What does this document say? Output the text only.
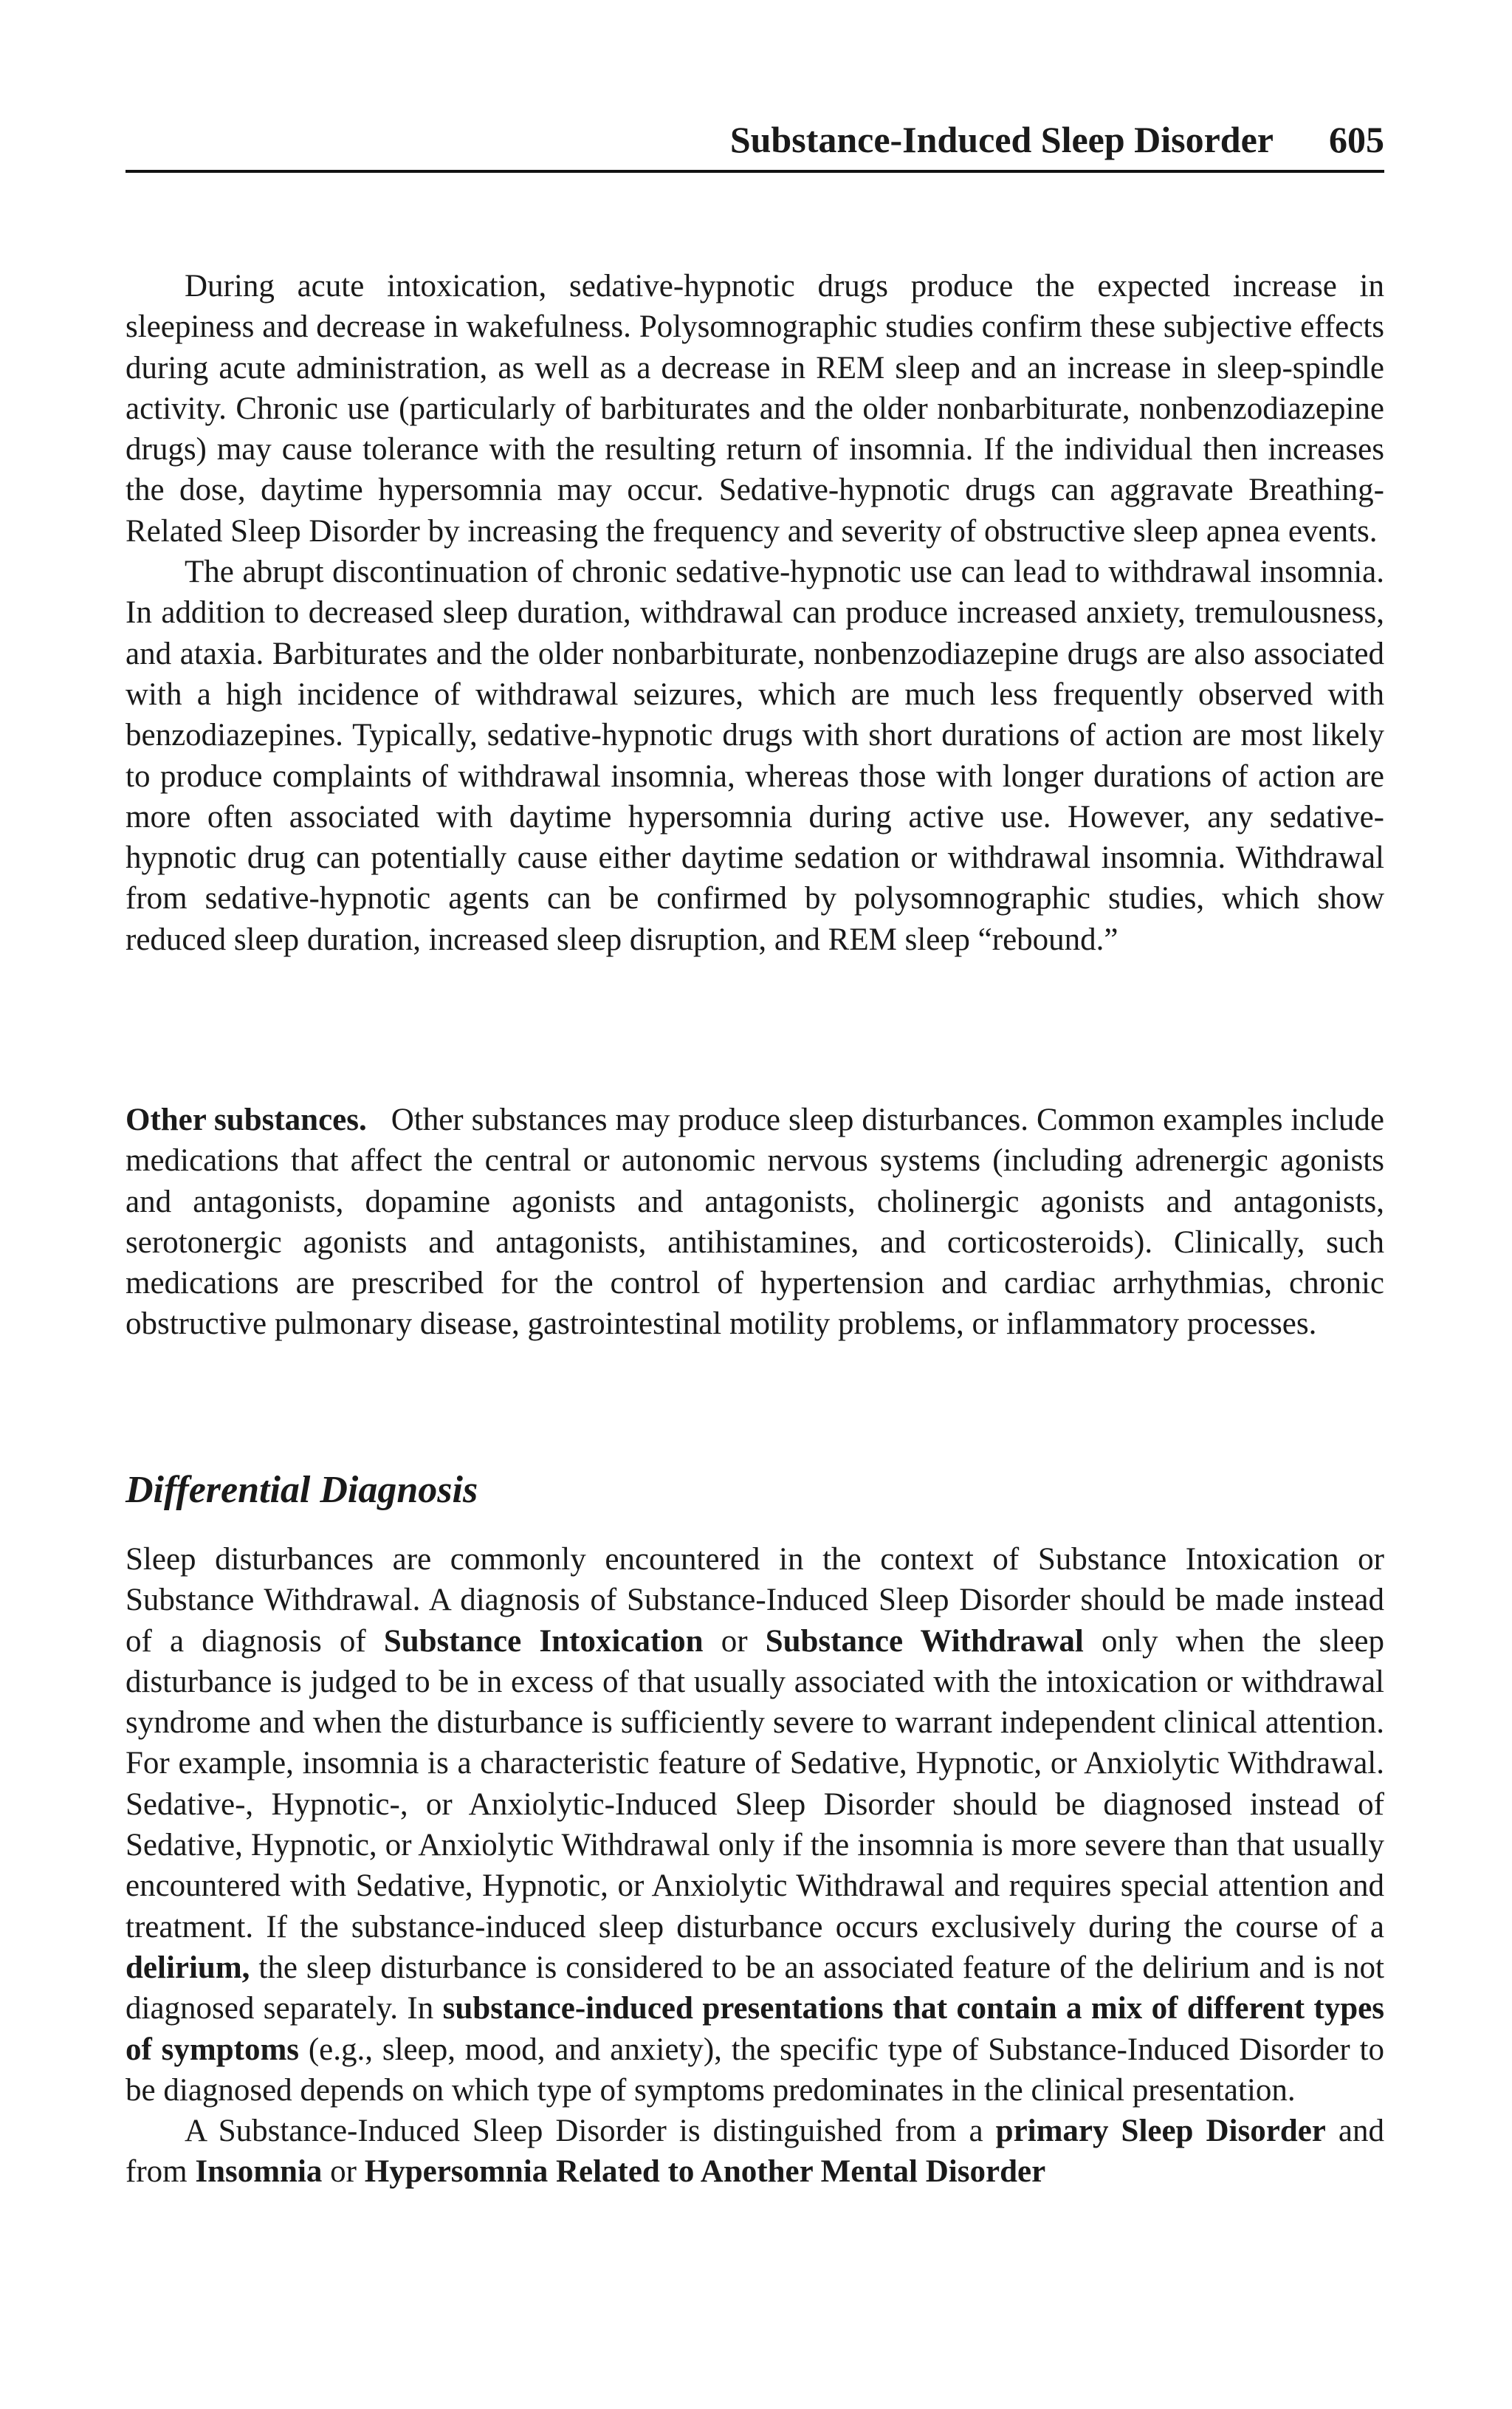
Substance-Induced Sleep Disorder 605

During acute intoxication, sedative-hypnotic drugs produce the expected increase in sleepiness and decrease in wakefulness. Polysomnographic studies confirm these subjective effects during acute administration, as well as a decrease in REM sleep and an increase in sleep-spindle activity. Chronic use (particularly of barbiturates and the older nonbarbiturate, nonbenzodiazepine drugs) may cause tolerance with the resulting return of insomnia. If the individual then increases the dose, daytime hypersomnia may occur. Sedative-hypnotic drugs can aggravate Breathing-Related Sleep Disorder by increasing the frequency and severity of obstructive sleep apnea events.

The abrupt discontinuation of chronic sedative-hypnotic use can lead to withdrawal insomnia. In addition to decreased sleep duration, withdrawal can produce increased anxiety, tremulousness, and ataxia. Barbiturates and the older nonbarbiturate, nonbenzodiazepine drugs are also associated with a high incidence of withdrawal seizures, which are much less frequently observed with benzodiazepines. Typically, sedative-hypnotic drugs with short durations of action are most likely to produce complaints of withdrawal insomnia, whereas those with longer durations of action are more often associated with daytime hypersomnia during active use. However, any sedative-hypnotic drug can potentially cause either daytime sedation or withdrawal insomnia. Withdrawal from sedative-hypnotic agents can be confirmed by polysomnographic studies, which show reduced sleep duration, increased sleep disruption, and REM sleep “rebound.”

Other substances. Other substances may produce sleep disturbances. Common examples include medications that affect the central or autonomic nervous systems (including adrenergic agonists and antagonists, dopamine agonists and antagonists, cholinergic agonists and antagonists, serotonergic agonists and antagonists, antihistamines, and corticosteroids). Clinically, such medications are prescribed for the control of hypertension and cardiac arrhythmias, chronic obstructive pulmonary disease, gastrointestinal motility problems, or inflammatory processes.

Differential Diagnosis

Sleep disturbances are commonly encountered in the context of Substance Intoxication or Substance Withdrawal. A diagnosis of Substance-Induced Sleep Disorder should be made instead of a diagnosis of Substance Intoxication or Substance Withdrawal only when the sleep disturbance is judged to be in excess of that usually associated with the intoxication or withdrawal syndrome and when the disturbance is sufficiently severe to warrant independent clinical attention. For example, insomnia is a characteristic feature of Sedative, Hypnotic, or Anxiolytic Withdrawal. Sedative-, Hypnotic-, or Anxiolytic-Induced Sleep Disorder should be diagnosed instead of Sedative, Hypnotic, or Anxiolytic Withdrawal only if the insomnia is more severe than that usually encountered with Sedative, Hypnotic, or Anxiolytic Withdrawal and requires special attention and treatment. If the substance-induced sleep disturbance occurs exclusively during the course of a delirium, the sleep disturbance is considered to be an associated feature of the delirium and is not diagnosed separately. In substance-induced presentations that contain a mix of different types of symptoms (e.g., sleep, mood, and anxiety), the specific type of Substance-Induced Disorder to be diagnosed depends on which type of symptoms predominates in the clinical presentation.

A Substance-Induced Sleep Disorder is distinguished from a primary Sleep Disorder and from Insomnia or Hypersomnia Related to Another Mental Disorder
